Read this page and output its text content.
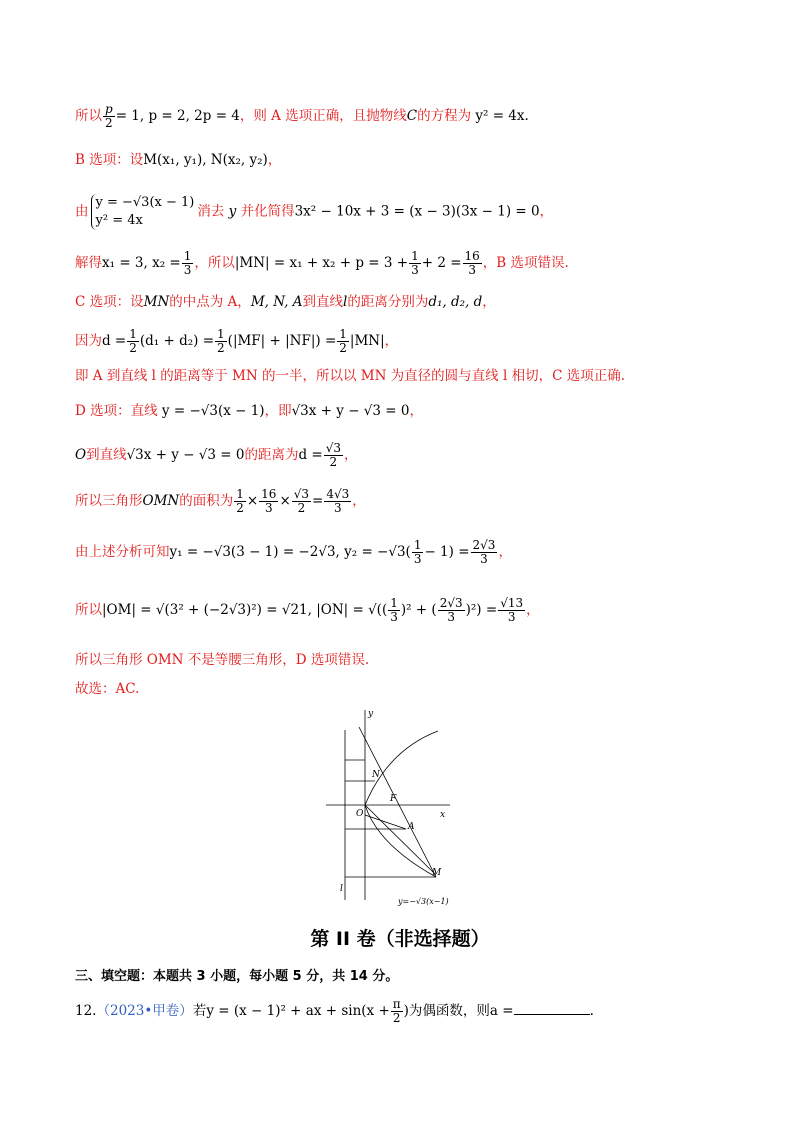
所以 $\frac{p}{2} = 1$, p = 2, 2p = 4，则 A 选项正确，且抛物线C的方程为 y² = 4x.
B 选项：设M(x₁, y₁), N(x₂, y₂)，
由
y = −√3(x − 1)
y² = 4x
消去 y 并化简得3x² − 10x + 3 = (x − 3)(3x − 1) = 0，
解得x₁ = 3, $x_2 = \frac{1}{3}$ ，所以$|MN| = x_1 + x_2 + p = 3 + \frac{1}{3} + 2 = \frac{16}{3}$ ，B 选项错误.
C 选项：设MN的中点为 A，M, N, A到直线l的距离分别为d₁, d₂, d，
因为$d = \frac{1}{2} (d_1 + d_2) = \frac{1}{2} (|MF| + |NF|) = \frac{1}{2} |MN|$，
即 A 到直线 l 的距离等于 MN 的一半，所以以 MN 为直径的圆与直线 l 相切，C 选项正确.
D 选项：直线 y = −√3(x − 1)，即√3x + y − √3 = 0，
O到直线√3x + y − √3 = 0的距离为$d = \frac{√3}{2}$ ，
所以三角形OMN的面积为 $\frac{1}{2} \times \frac{16}{3} \times \frac{√3}{2} = \frac{4√3}{3}$ ，
由上述分析可知y₁ = −√3(3 − 1) = −2√3, $y_2 = -√3( \frac{1}{3} - 1) = \frac{2√3}{3}$ ，
所以|OM| = √(3² + (−2√3)²) = √21, |ON| = √(( $\frac{1}{3} )^2$ + ( $\frac{2√3}{3} )^2) = \frac{√13}{3}$ ，
所以三角形 OMN 不是等腰三角形，D 选项错误.
故选：AC.
y
x
O
N
F
A
M
l
y=−√3(x−1)
第 II 卷（非选择题）
三、填空题：本题共 3 小题，每小题 5 分，共 14 分。
12.（2023•甲卷）若y = (x − 1)² + ax + $\sin(x + \frac{\pi}{2}$ )为偶函数，则a =	.
